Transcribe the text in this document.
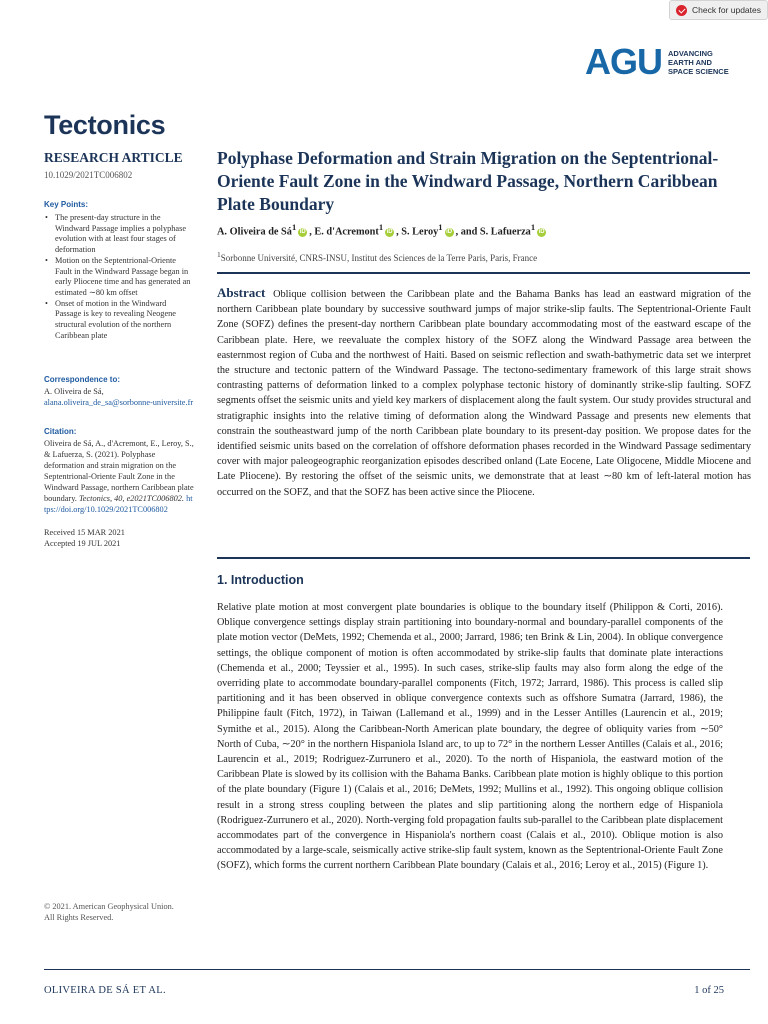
Check for updates
AGU ADVANCING
EARTH AND
SPACE SCIENCE
Tectonics
RESEARCH ARTICLE
10.1029/2021TC006802
Key Points:
• The present-day structure in the Windward Passage implies a polyphase evolution with at least four stages of deformation
• Motion on the Septentrional-Oriente Fault in the Windward Passage began in early Pliocene time and has generated an estimated ∼80 km offset
• Onset of motion in the Windward Passage is key to revealing Neogene structural evolution of the northern Caribbean plate
Correspondence to:
A. Oliveira de Sá,
alana.oliveira_de_sa@sorbonne-universite.fr
Citation:
Oliveira de Sá, A., d'Acremont, E., Leroy, S., & Lafuerza, S. (2021). Polyphase deformation and strain migration on the Septentrional-Oriente Fault Zone in the Windward Passage, northern Caribbean plate boundary. Tectonics, 40, e2021TC006802. https://doi.org/10.1029/2021TC006802
Received 15 MAR 2021
Accepted 19 JUL 2021
Polyphase Deformation and Strain Migration on the Septentrional-Oriente Fault Zone in the Windward Passage, Northern Caribbean Plate Boundary
A. Oliveira de $Sá^1$ iD , E. d'Acremont$^1$ iD , S. Leroy$^1$ iD , and S. Lafuerza$^1$ iD
$^1$Sorbonne Université, CNRS-INSU, Institut des Sciences de la Terre Paris, Paris, France
Abstract Oblique collision between the Caribbean plate and the Bahama Banks has lead an eastward migration of the northern Caribbean plate boundary by successive southward jumps of major strike-slip faults. The Septentrional-Oriente Fault Zone (SOFZ) defines the present-day northern Caribbean plate boundary accommodating most of the eastward escape of the Caribbean plate. Here, we reevaluate the complex history of the SOFZ along the Windward Passage area between the easternmost region of Cuba and the northwest of Haiti. Based on seismic reflection and swath-bathymetric data set we interpret the structure and tectonic pattern of the Windward Passage. The tectono-sedimentary framework of this large strait shows contrasting patterns of deformation linked to a complex polyphase tectonic history of dominantly strike-slip faulting. SOFZ segments offset the seismic units and yield key markers of displacement along the fault system. Our study provides structural and stratigraphic insights into the relative timing of deformation along the Windward Passage and presents new elements that constrain the southeastward jump of the north Caribbean plate boundary to its present-day position. We propose dates for the identified seismic units based on the correlation of offshore deformation phases recorded in the Windward Passage sedimentary cover with major paleogeographic reorganization episodes described onland (Late Eocene, Late Oligocene, Middle Miocene and Late Pliocene). By restoring the offset of the seismic units, we demonstrate that at least ∼80 km of left-lateral motion has occurred on the SOFZ, and that the SOFZ has been active since the Pliocene.
1. Introduction
Relative plate motion at most convergent plate boundaries is oblique to the boundary itself (Philippon & Corti, 2016). Oblique convergence settings display strain partitioning into boundary-normal and boundary-parallel components of the plate motion vector (DeMets, 1992; Chemenda et al., 2000; Jarrard, 1986; ten Brink & Lin, 2004). In oblique convergence settings, the oblique component of motion is often accommodated by strike-slip faults that dominate plate interactions (Chemenda et al., 2000; Teyssier et al., 1995). In such cases, strike-slip faults may also form along the edge of the overriding plate to accommodate boundary-parallel components (Fitch, 1972; Jarrard, 1986). This process is called slip partitioning and it has been observed in oblique convergence contexts such as offshore Sumatra (Jarrard, 1986), the Philippine fault (Fitch, 1972), in Taiwan (Lallemand et al., 1999) and in the Lesser Antilles (Laurencin et al., 2019; Symithe et al., 2015). Along the Caribbean-North American plate boundary, the degree of obliquity varies from ∼50° North of Cuba, ∼20° in the northern Hispaniola Island arc, to up to 72° in the northern Lesser Antilles (Calais et al., 2016; Laurencin et al., 2019; Rodriguez-Zurrunero et al., 2020). To the north of Hispaniola, the eastward motion of the Caribbean Plate is slowed by its collision with the Bahama Banks. Caribbean plate motion is highly oblique to this portion of the plate boundary (Figure 1) (Calais et al., 2016; DeMets, 1992; Mullins et al., 1992). This ongoing oblique collision result in a strong stress coupling between the plates and slip partitioning along the northern edge of Hispaniola (Rodriguez-Zurrunero et al., 2020). North-verging fold propagation faults sub-parallel to the Caribbean plate displacement accommodates part of the convergence in Hispaniola's northern coast (Calais et al., 2010). Oblique motion is also accommodated by a large-scale, seismically active strike-slip fault system, known as the Septentrional-Oriente Fault Zone (SOFZ), which forms the current northern Caribbean Plate boundary (Calais et al., 2016; Leroy et al., 2015) (Figure 1).
© 2021. American Geophysical Union.
All Rights Reserved.
OLIVEIRA DE SÁ ET AL.	1 of 25
